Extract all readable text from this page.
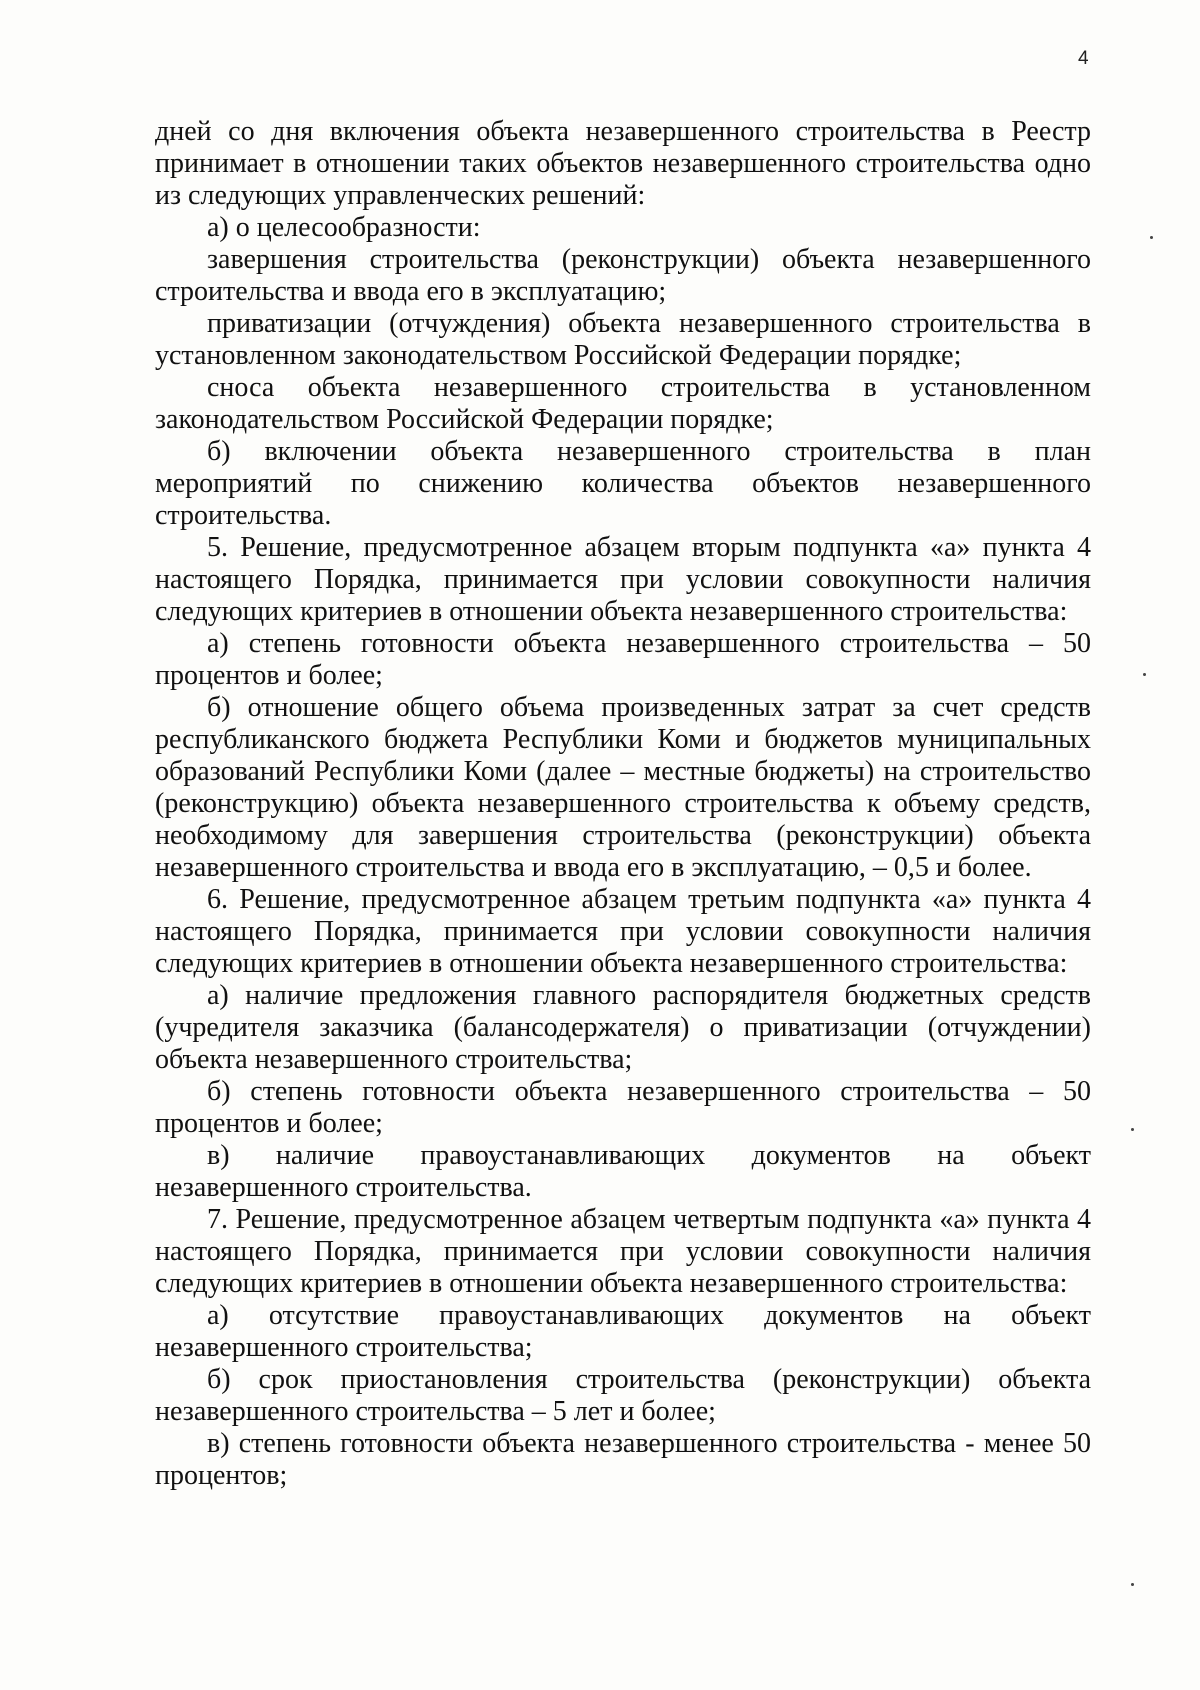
4

дней со дня включения объекта незавершенного строительства в Реестр принимает в отношении таких объектов незавершенного строительства одно из следующих управленческих решений:

а) о целесообразности:

завершения строительства (реконструкции) объекта незавершенного строительства и ввода его в эксплуатацию;

приватизации (отчуждения) объекта незавершенного строительства в установленном законодательством Российской Федерации порядке;

сноса объекта незавершенного строительства в установленном законодательством Российской Федерации порядке;

б) включении объекта незавершенного строительства в план мероприятий по снижению количества объектов незавершенного строительства.

5. Решение, предусмотренное абзацем вторым подпункта «а» пункта 4 настоящего Порядка, принимается при условии совокупности наличия следующих критериев в отношении объекта незавершенного строительства:

а) степень готовности объекта незавершенного строительства – 50 процентов и более;

б) отношение общего объема произведенных затрат за счет средств республиканского бюджета Республики Коми и бюджетов муниципальных образований Республики Коми (далее – местные бюджеты) на строительство (реконструкцию) объекта незавершенного строительства к объему средств, необходимому для завершения строительства (реконструкции) объекта незавершенного строительства и ввода его в эксплуатацию, – 0,5 и более.

6. Решение, предусмотренное абзацем третьим подпункта «а» пункта 4 настоящего Порядка, принимается при условии совокупности наличия следующих критериев в отношении объекта незавершенного строительства:

а) наличие предложения главного распорядителя бюджетных средств (учредителя заказчика (балансодержателя) о приватизации (отчуждении) объекта незавершенного строительства;

б) степень готовности объекта незавершенного строительства – 50 процентов и более;

в) наличие правоустанавливающих документов на объект незавершенного строительства.

7. Решение, предусмотренное абзацем четвертым подпункта «а» пункта 4 настоящего Порядка, принимается при условии совокупности наличия следующих критериев в отношении объекта незавершенного строительства:

а) отсутствие правоустанавливающих документов на объект незавершенного строительства;

б) срок приостановления строительства (реконструкции) объекта незавершенного строительства – 5 лет и более;

в) степень готовности объекта незавершенного строительства - менее 50 процентов;
